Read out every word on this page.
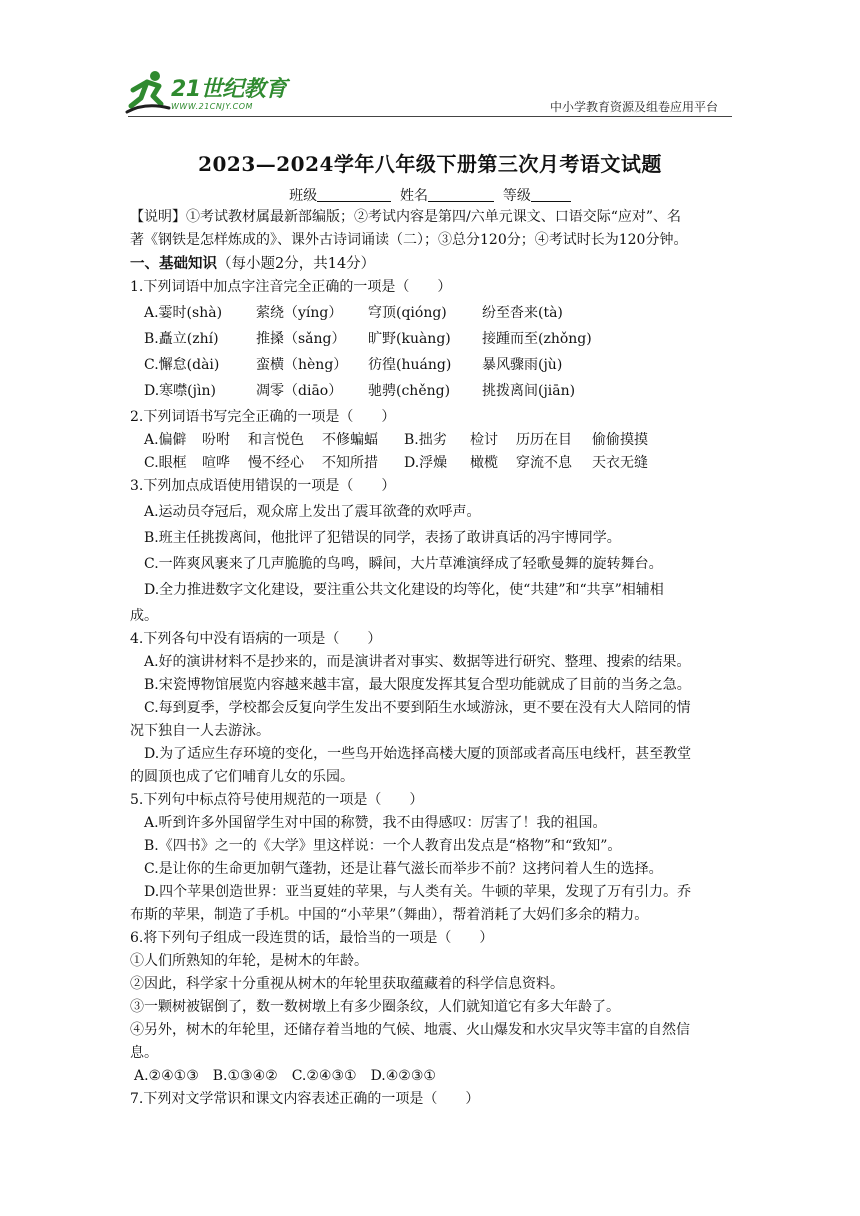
21世纪教育
WWW.21CNJY.COM	中小学教育资源及组卷应用平台
2023—2024学年八年级下册第三次月考语文试题
班级	姓名	等级
【说明】①考试教材属最新部编版；②考试内容是第四/六单元课文、口语交际“应对”、名
著《钢铁是怎样炼成的》、课外古诗词诵读（二）；③总分120分；④考试时长为120分钟。
一、基础知识（每小题2分，共14分）
1.下列词语中加点字注音完全正确的一项是（　　）
A.霎时(shà) 萦绕（yíng） 穹顶(qióng)	纷至沓来(tà)
B.矗立(zhí)	推搡（sǎng） 旷野(kuàng) 接踵而至(zhǒng)
C.懈怠(dài)	蛮横（hèng） 彷徨(huáng) 暴风骤雨(jù)
D.寒噤(jìn)	凋零（diāo） 驰骋(chěng) 挑拨离间(jiān)
2.下列词语书写完全正确的一项是（　　）
A.偏僻 吩咐 和言悦色 不修蝙蝠 B.拙劣 检讨 历历在目 偷偷摸摸
C.眼框 喧哗 慢不经心 不知所措 D.浮燥 橄榄 穿流不息 天衣无缝
3.下列加点成语使用错误的一项是（　　）
A.运动员夺冠后，观众席上发出了震耳欲聋的欢呼声。
B.班主任挑拨离间，他批评了犯错误的同学，表扬了敢讲真话的冯宇博同学。
C.一阵爽风裹来了几声脆脆的鸟鸣，瞬间，大片草滩演绎成了轻歌曼舞的旋转舞台。
D.全力推进数字文化建设，要注重公共文化建设的均等化，使“共建”和“共享”相辅相
成。
4.下列各句中没有语病的一项是（　　）
A.好的演讲材料不是抄来的，而是演讲者对事实、数据等进行研究、整理、搜索的结果。
B.宋瓷博物馆展览内容越来越丰富，最大限度发挥其复合型功能就成了目前的当务之急。
C.每到夏季，学校都会反复向学生发出不要到陌生水域游泳，更不要在没有大人陪同的情
况下独自一人去游泳。
D.为了适应生存环境的变化，一些鸟开始选择高楼大厦的顶部或者高压电线杆，甚至教堂
的圆顶也成了它们哺育儿女的乐园。
5.下列句中标点符号使用规范的一项是（　　）
A.听到许多外国留学生对中国的称赞，我不由得感叹：厉害了！我的祖国。
B.《四书》之一的《大学》里这样说：一个人教育出发点是“格物”和“致知”。
C.是让你的生命更加朝气蓬勃，还是让暮气滋长而举步不前？这拷问着人生的选择。
D.四个苹果创造世界：亚当夏娃的苹果，与人类有关。牛顿的苹果，发现了万有引力。乔
布斯的苹果，制造了手机。中国的“小苹果”（舞曲），帮着消耗了大妈们多余的精力。
6.将下列句子组成一段连贯的话，最恰当的一项是（　　）
①人们所熟知的年轮，是树木的年龄。
②因此，科学家十分重视从树木的年轮里获取蕴藏着的科学信息资料。
③一颗树被锯倒了，数一数树墩上有多少圈条纹，人们就知道它有多大年龄了。
④另外，树木的年轮里，还储存着当地的气候、地震、火山爆发和水灾旱灾等丰富的自然信
息。
A.②④①③　B.①③④②　C.②④③①　D.④②③①
7.下列对文学常识和课文内容表述正确的一项是（　　）
